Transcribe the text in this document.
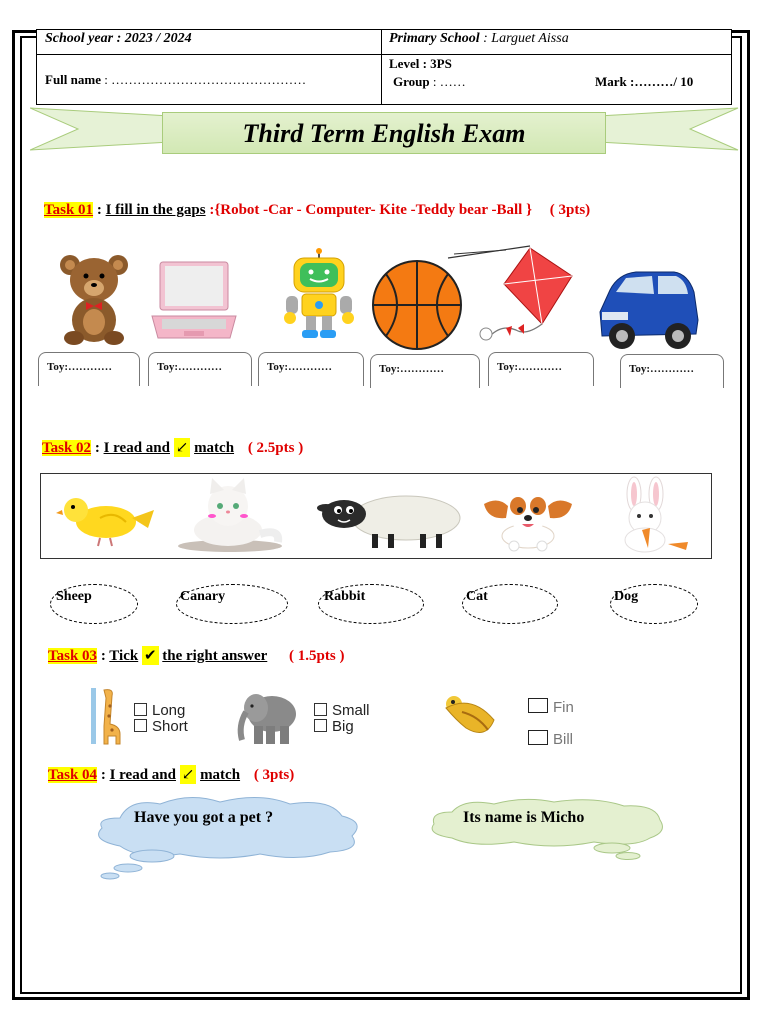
School year : 2023 / 2024	Primary School : Larguet Aissa
Full name : ………………………………………
Level : 3PS
Group : ……	Mark :………/ 10
Third Term English Exam
Task 01 : I fill in the gaps :{Robot -Car - Computer- Kite -Teddy bear -Ball } ( 3pts)
Toy:…………	Toy:…………	Toy:…………	Toy:…………	Toy:…………	Toy:…………
Task 02 : I read and ↙ match ( 2.5pts )
Sheep	Canary	Rabbit	Cat	Dog
Task 03 : Tick ✔ the right answer ( 1.5pts )
Long
Short
Small
Big
Fin
Bill
Task 04 : I read and ↙ match ( 3pts)
Have you got a pet ?	Its name is Micho
